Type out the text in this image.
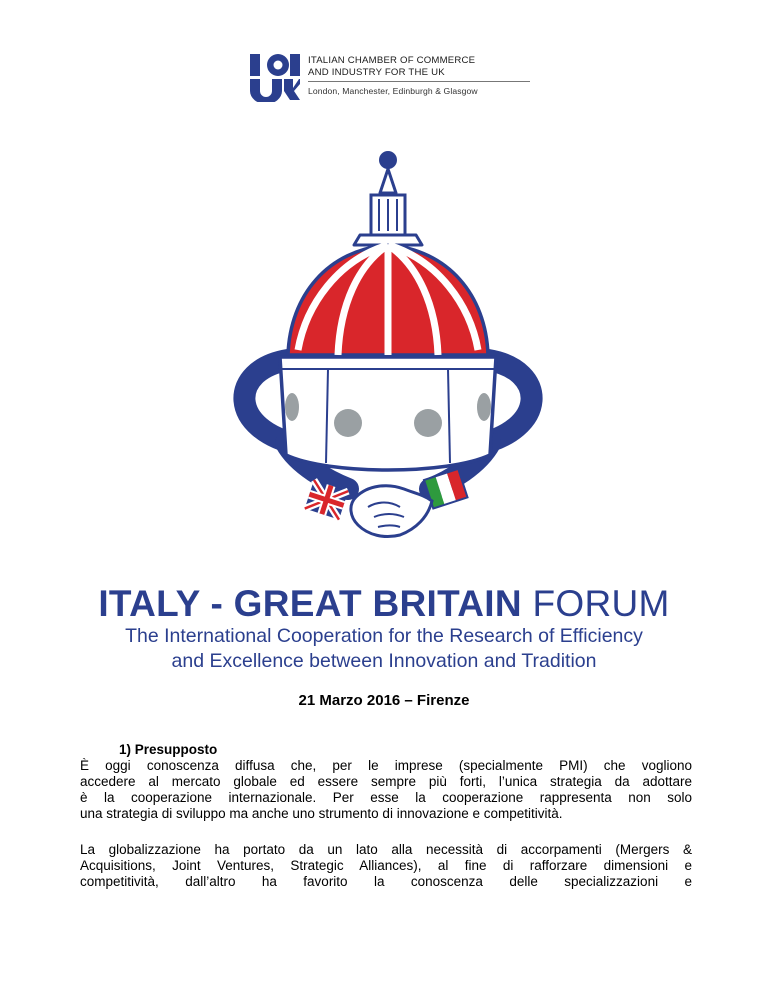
ITALIAN CHAMBER OF COMMERCE
AND INDUSTRY FOR THE UK
London, Manchester, Edinburgh & Glasgow
ITALY - GREAT BRITAIN FORUM
The International Cooperation for the Research of Efficiency
and Excellence between Innovation and Tradition
21 Marzo 2016 – Firenze
1) Presupposto
È oggi conoscenza diffusa che, per le imprese (specialmente PMI) che vogliono
accedere al mercato globale ed essere sempre più forti, l’unica strategia da adottare
è la cooperazione internazionale. Per esse la cooperazione rappresenta non solo
una strategia di sviluppo ma anche uno strumento di innovazione e competitività.
La globalizzazione ha portato da un lato alla necessità di accorpamenti (Mergers &
Acquisitions, Joint Ventures, Strategic Alliances), al fine di rafforzare dimensioni e
competitività, dall’altro ha favorito la conoscenza delle specializzazioni e
